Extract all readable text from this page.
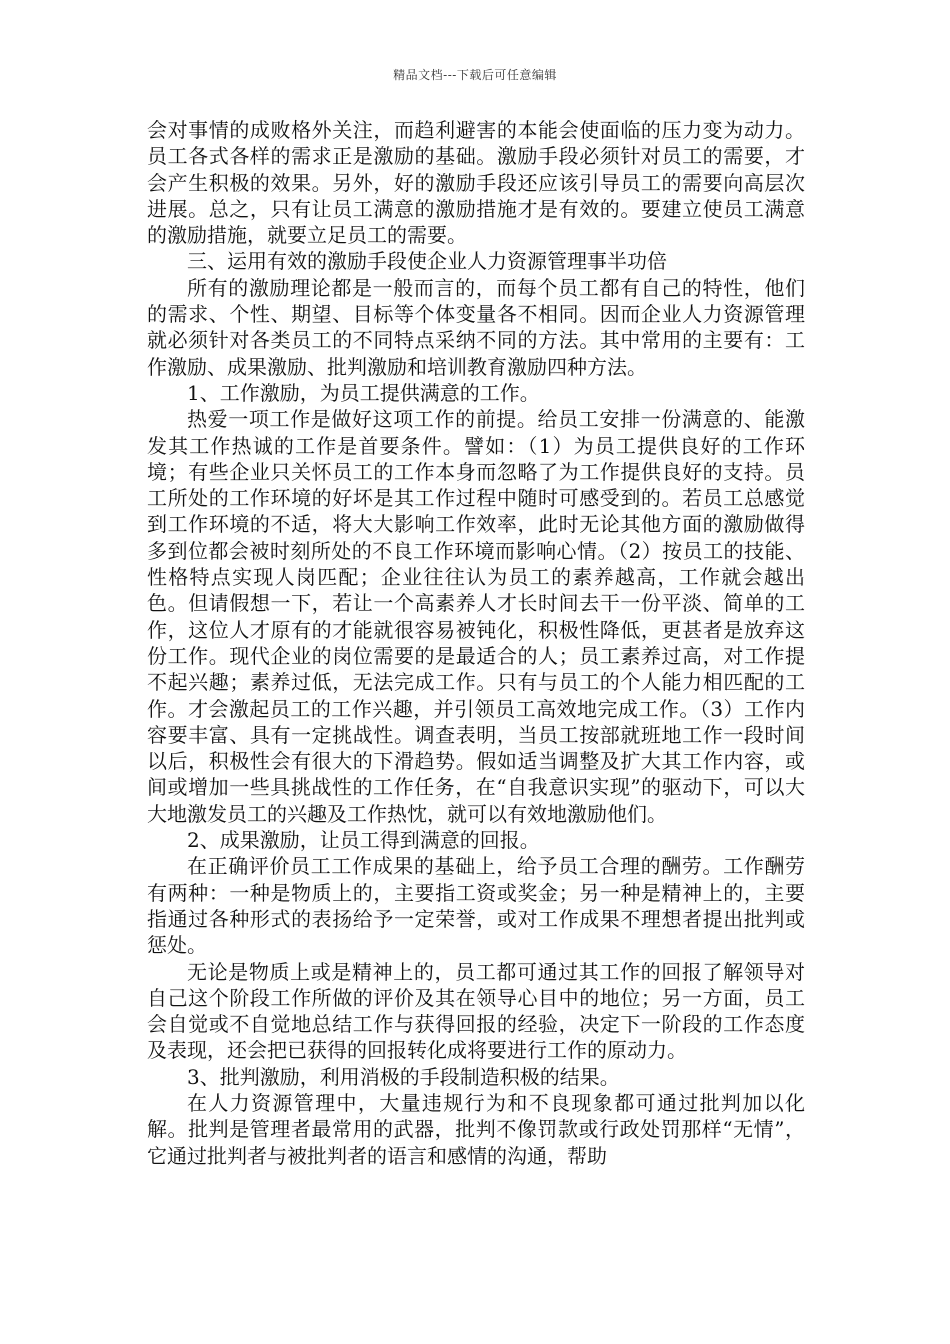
精品文档---下载后可任意编辑

会对事情的成败格外关注，而趋利避害的本能会使面临的压力变为动力。员工各式各样的需求正是激励的基础。激励手段必须针对员工的需要，才会产生积极的效果。另外，好的激励手段还应该引导员工的需要向高层次进展。总之，只有让员工满意的激励措施才是有效的。要建立使员工满意的激励措施，就要立足员工的需要。

三、运用有效的激励手段使企业人力资源管理事半功倍

所有的激励理论都是一般而言的，而每个员工都有自己的特性，他们的需求、个性、期望、目标等个体变量各不相同。因而企业人力资源管理就必须针对各类员工的不同特点采纳不同的方法。其中常用的主要有：工作激励、成果激励、批判激励和培训教育激励四种方法。

1、工作激励，为员工提供满意的工作。

热爱一项工作是做好这项工作的前提。给员工安排一份满意的、能激发其工作热诚的工作是首要条件。譬如：（1）为员工提供良好的工作环境；有些企业只关怀员工的工作本身而忽略了为工作提供良好的支持。员工所处的工作环境的好坏是其工作过程中随时可感受到的。若员工总感觉到工作环境的不适，将大大影响工作效率，此时无论其他方面的激励做得多到位都会被时刻所处的不良工作环境而影响心情。（2）按员工的技能、性格特点实现人岗匹配；企业往往认为员工的素养越高，工作就会越出色。但请假想一下，若让一个高素养人才长时间去干一份平淡、简单的工作，这位人才原有的才能就很容易被钝化，积极性降低，更甚者是放弃这份工作。现代企业的岗位需要的是最适合的人；员工素养过高，对工作提不起兴趣；素养过低，无法完成工作。只有与员工的个人能力相匹配的工作。才会激起员工的工作兴趣，并引领员工高效地完成工作。（3）工作内容要丰富、具有一定挑战性。调查表明，当员工按部就班地工作一段时间以后，积极性会有很大的下滑趋势。假如适当调整及扩大其工作内容，或间或增加一些具挑战性的工作任务，在“自我意识实现”的驱动下，可以大大地激发员工的兴趣及工作热忱，就可以有效地激励他们。

2、成果激励，让员工得到满意的回报。

在正确评价员工工作成果的基础上，给予员工合理的酬劳。工作酬劳有两种：一种是物质上的，主要指工资或奖金；另一种是精神上的，主要指通过各种形式的表扬给予一定荣誉，或对工作成果不理想者提出批判或惩处。

无论是物质上或是精神上的，员工都可通过其工作的回报了解领导对自己这个阶段工作所做的评价及其在领导心目中的地位；另一方面，员工会自觉或不自觉地总结工作与获得回报的经验，决定下一阶段的工作态度及表现，还会把已获得的回报转化成将要进行工作的原动力。

3、批判激励，利用消极的手段制造积极的结果。

在人力资源管理中，大量违规行为和不良现象都可通过批判加以化解。批判是管理者最常用的武器，批判不像罚款或行政处罚那样“无情”，它通过批判者与被批判者的语言和感情的沟通，帮助
